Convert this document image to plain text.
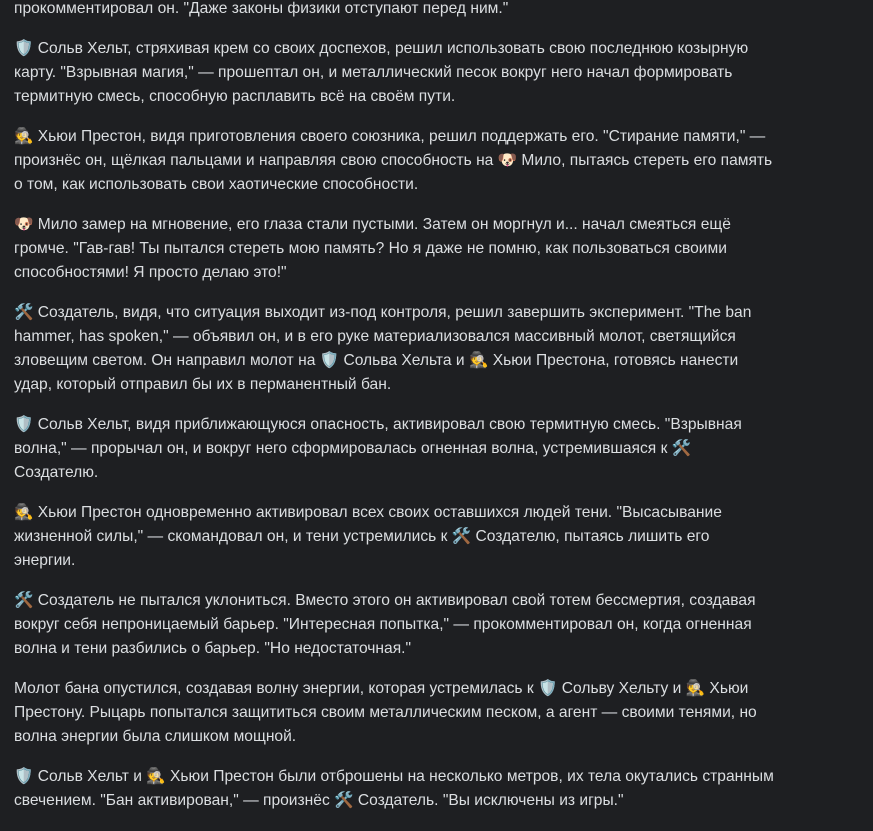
прокомментировал он. "Даже законы физики отступают перед ним."

🛡️ Сольв Хельт, стряхивая крем со своих доспехов, решил использовать свою последнюю козырную карту. "Взрывная магия," — прошептал он, и металлический песок вокруг него начал формировать термитную смесь, способную расплавить всё на своём пути.

🕵️ Хьюи Престон, видя приготовления своего союзника, решил поддержать его. "Стирание памяти," — произнёс он, щёлкая пальцами и направляя свою способность на 🐶 Мило, пытаясь стереть его память о том, как использовать свои хаотические способности.

🐶 Мило замер на мгновение, его глаза стали пустыми. Затем он моргнул и... начал смеяться ещё громче. "Гав-гав! Ты пытался стереть мою память? Но я даже не помню, как пользоваться своими способностями! Я просто делаю это!"

🛠️ Создатель, видя, что ситуация выходит из-под контроля, решил завершить эксперимент. "The ban hammer, has spoken," — объявил он, и в его руке материализовался массивный молот, светящийся зловещим светом. Он направил молот на 🛡️ Сольва Хельта и 🕵️ Хьюи Престона, готовясь нанести удар, который отправил бы их в перманентный бан.

🛡️ Сольв Хельт, видя приближающуюся опасность, активировал свою термитную смесь. "Взрывная волна," — прорычал он, и вокруг него сформировалась огненная волна, устремившаяся к 🛠️ Создателю.

🕵️ Хьюи Престон одновременно активировал всех своих оставшихся людей тени. "Высасывание жизненной силы," — скомандовал он, и тени устремились к 🛠️ Создателю, пытаясь лишить его энергии.

🛠️ Создатель не пытался уклониться. Вместо этого он активировал свой тотем бессмертия, создавая вокруг себя непроницаемый барьер. "Интересная попытка," — прокомментировал он, когда огненная волна и тени разбились о барьер. "Но недостаточная."

Молот бана опустился, создавая волну энергии, которая устремилась к 🛡️ Сольву Хельту и 🕵️ Хьюи Престону. Рыцарь попытался защититься своим металлическим песком, а агент — своими тенями, но волна энергии была слишком мощной.

🛡️ Сольв Хельт и 🕵️ Хьюи Престон были отброшены на несколько метров, их тела окутались странным свечением. "Бан активирован," — произнёс 🛠️ Создатель. "Вы исключены из игры."
